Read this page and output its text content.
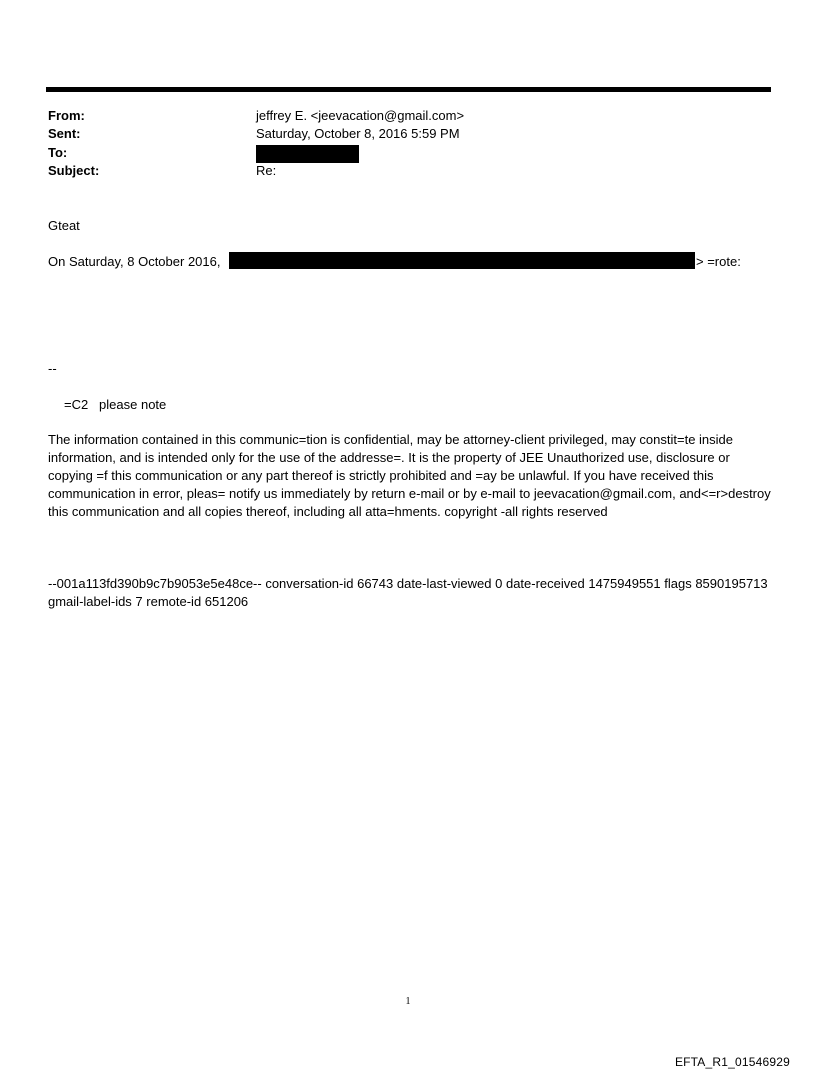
From:	jeffrey E. <jeevacation@gmail.com>
Sent:	Saturday, October 8, 2016 5:59 PM
To:
Subject:	Re:
Gteat
On Saturday, 8 October 2016,	> =rote:
--
=C2   please note
The information contained in this communic=tion is confidential, may be attorney-client privileged, may constit=te inside information, and is intended only for the use of the addresse=. It is the property of JEE Unauthorized use, disclosure or copying =f this communication or any part thereof is strictly prohibited and =ay be unlawful. If you have received this communication in error, pleas= notify us immediately by return e-mail or by e-mail to jeevacation@gmail.com, and<=r>destroy this communication and all copies thereof, including all atta=hments. copyright -all rights reserved
--001a113fd390b9c7b9053e5e48ce-- conversation-id 66743 date-last-viewed 0 date-received 1475949551 flags 8590195713 gmail-label-ids 7 remote-id 651206
1
EFTA_R1_01546929
